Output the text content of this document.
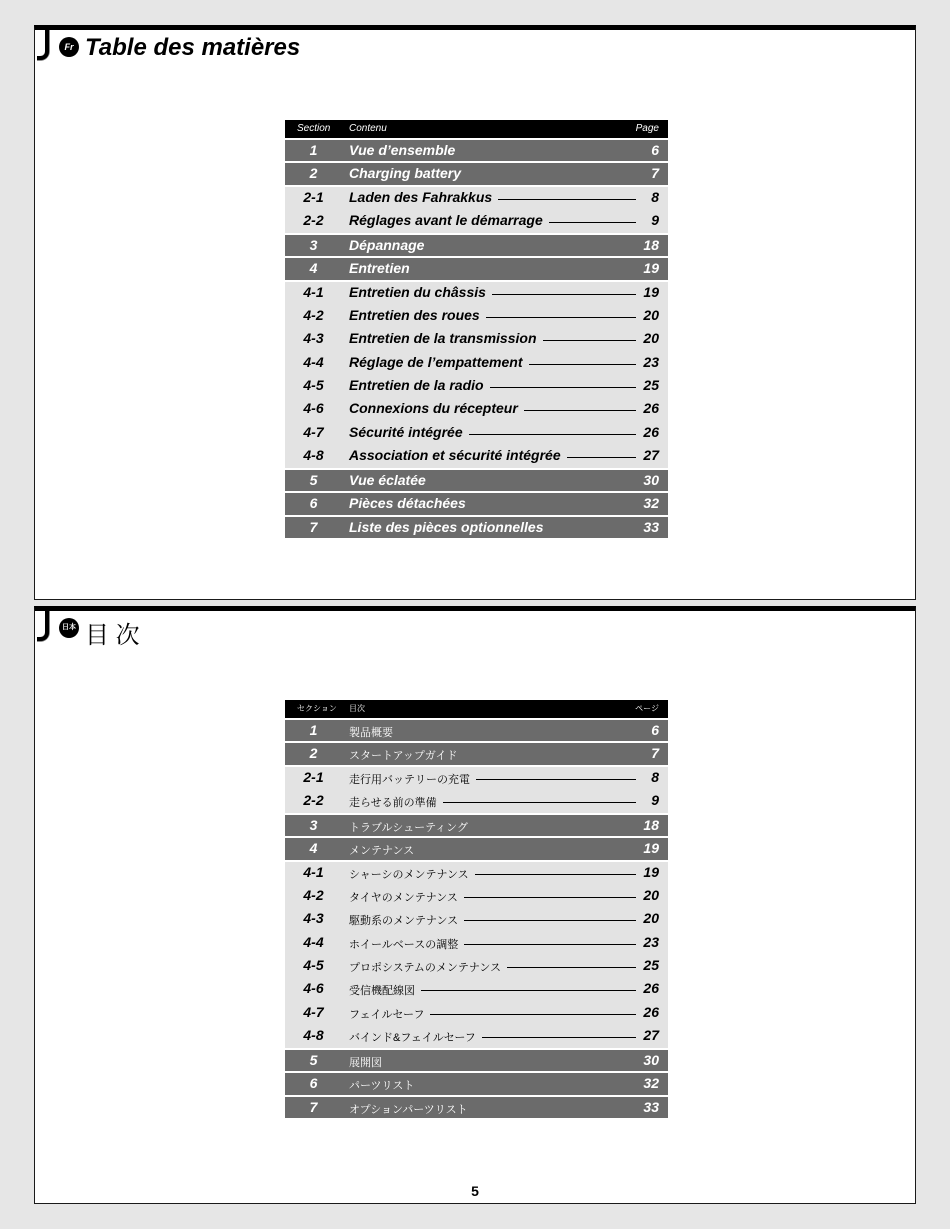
Fr Table des matières
Section Contenu	Page
1	Vue d’ensemble	6
2	Charging battery	7
2-1	Laden des Fahrakkus	8
2-2	Réglages avant le démarrage	9
3	Dépannage	18
4	Entretien	19
4-1	Entretien du châssis	19
4-2	Entretien des roues	20
4-3	Entretien de la transmission	20
4-4	Réglage de l’empattement	23
4-5	Entretien de la radio	25
4-6	Connexions du récepteur	26
4-7	Sécurité intégrée	26
4-8	Association et sécurité intégrée	27
5	Vue éclatée	30
6	Pièces détachées	32
7	Liste des pièces optionnelles	33
日本語 目 次
セクション 目次	ページ
1	製品概要	6
2	スタートアップガイド	7
2-1	走行用バッテリーの充電	8
2-2	走らせる前の準備	9
3	トラブルシューティング	18
4	メンテナンス	19
4-1	シャーシのメンテナンス	19
4-2	タイヤのメンテナンス	20
4-3	駆動系のメンテナンス	20
4-4	ホイールベースの調整	23
4-5	プロポシステムのメンテナンス	25
4-6	受信機配線図	26
4-7	フェイルセーフ	26
4-8	バインド&フェイルセーフ	27
5	展開図	30
6	パーツリスト	32
7	オプションパーツリスト	33
5
